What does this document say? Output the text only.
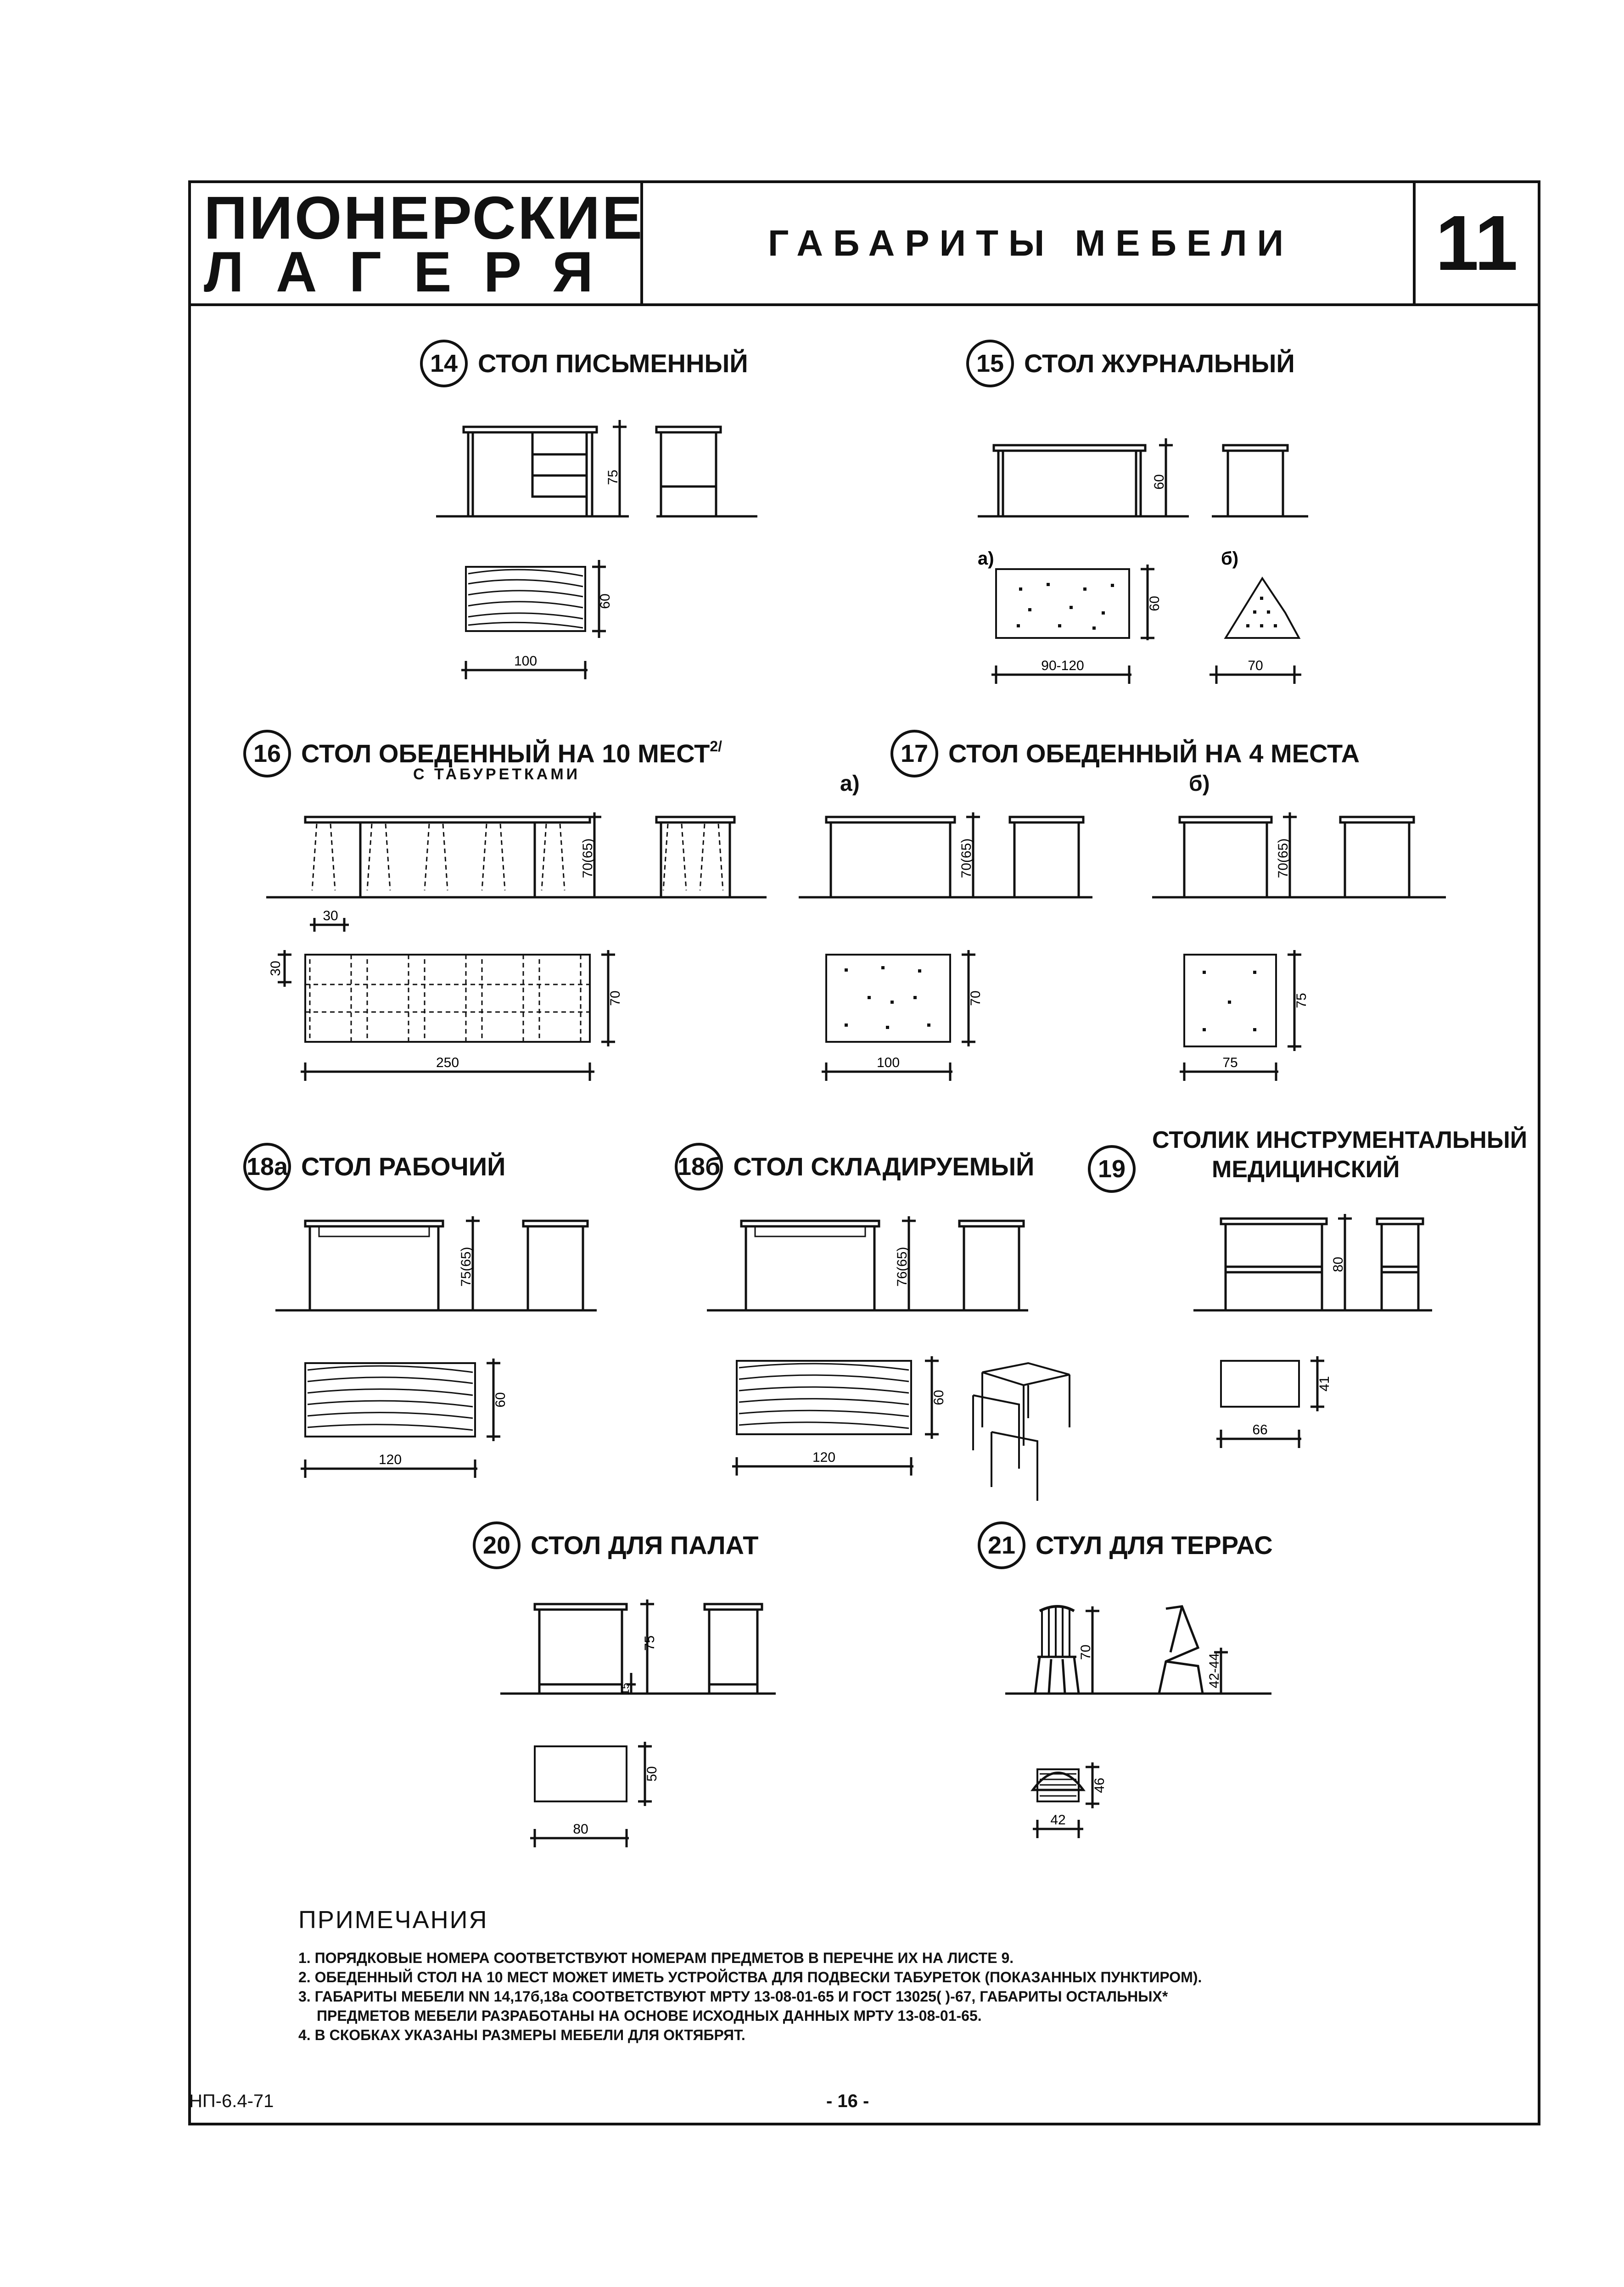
ПИОНЕРСКИЕ
ЛАГЕРЯ	ГАБАРИТЫ МЕБЕЛИ	11
14 СТОЛ ПИСЬМЕННЫЙ
75
60
100
15 СТОЛ ЖУРНАЛЬНЫЙ
60
а)	б)
60
90-120	70
16 СТОЛ ОБЕДЕННЫЙ НА 10 $МЕСТ^{2/}$
С ТАБУРЕТКАМИ
70(65)
30
30
70
250
17 СТОЛ ОБЕДЕННЫЙ НА 4 МЕСТА
а)	б)
70(65)	70(65)
70
100
75
75
18а СТОЛ РАБОЧИЙ
75(65)
60
120
18б СТОЛ СКЛАДИРУЕМЫЙ
76(65)
60
120
19
СТОЛИК ИНСТРУМЕНТАЛЬНЫЙ
МЕДИЦИНСКИЙ
80
41
66
20 СТОЛ ДЛЯ ПАЛАТ
75
15
50
80
21 СТУЛ ДЛЯ ТЕРРАС
70
42-44
46
42
ПРИМЕЧАНИЯ
1. ПОРЯДКОВЫЕ НОМЕРА СООТВЕТСТВУЮТ НОМЕРАМ ПРЕДМЕТОВ В ПЕРЕЧНЕ ИХ НА ЛИСТЕ 9.
2. ОБЕДЕННЫЙ СТОЛ НА 10 МЕСТ МОЖЕТ ИМЕТЬ УСТРОЙСТВА ДЛЯ ПОДВЕСКИ ТАБУРЕТОК (ПОКАЗАННЫХ ПУНКТИРОМ).
3. ГАБАРИТЫ МЕБЕЛИ NN 14,17б,18а СООТВЕТСТВУЮТ МРТУ 13-08-01-65 И ГОСТ 13025( )-67, ГАБАРИТЫ ОСТАЛЬНЫХ*
ПРЕДМЕТОВ МЕБЕЛИ РАЗРАБОТАНЫ НА ОСНОВЕ ИСХОДНЫХ ДАННЫХ МРТУ 13-08-01-65.
4. В СКОБКАХ УКАЗАНЫ РАЗМЕРЫ МЕБЕЛИ ДЛЯ ОКТЯБРЯТ.
НП-6.4-71	- 16 -
